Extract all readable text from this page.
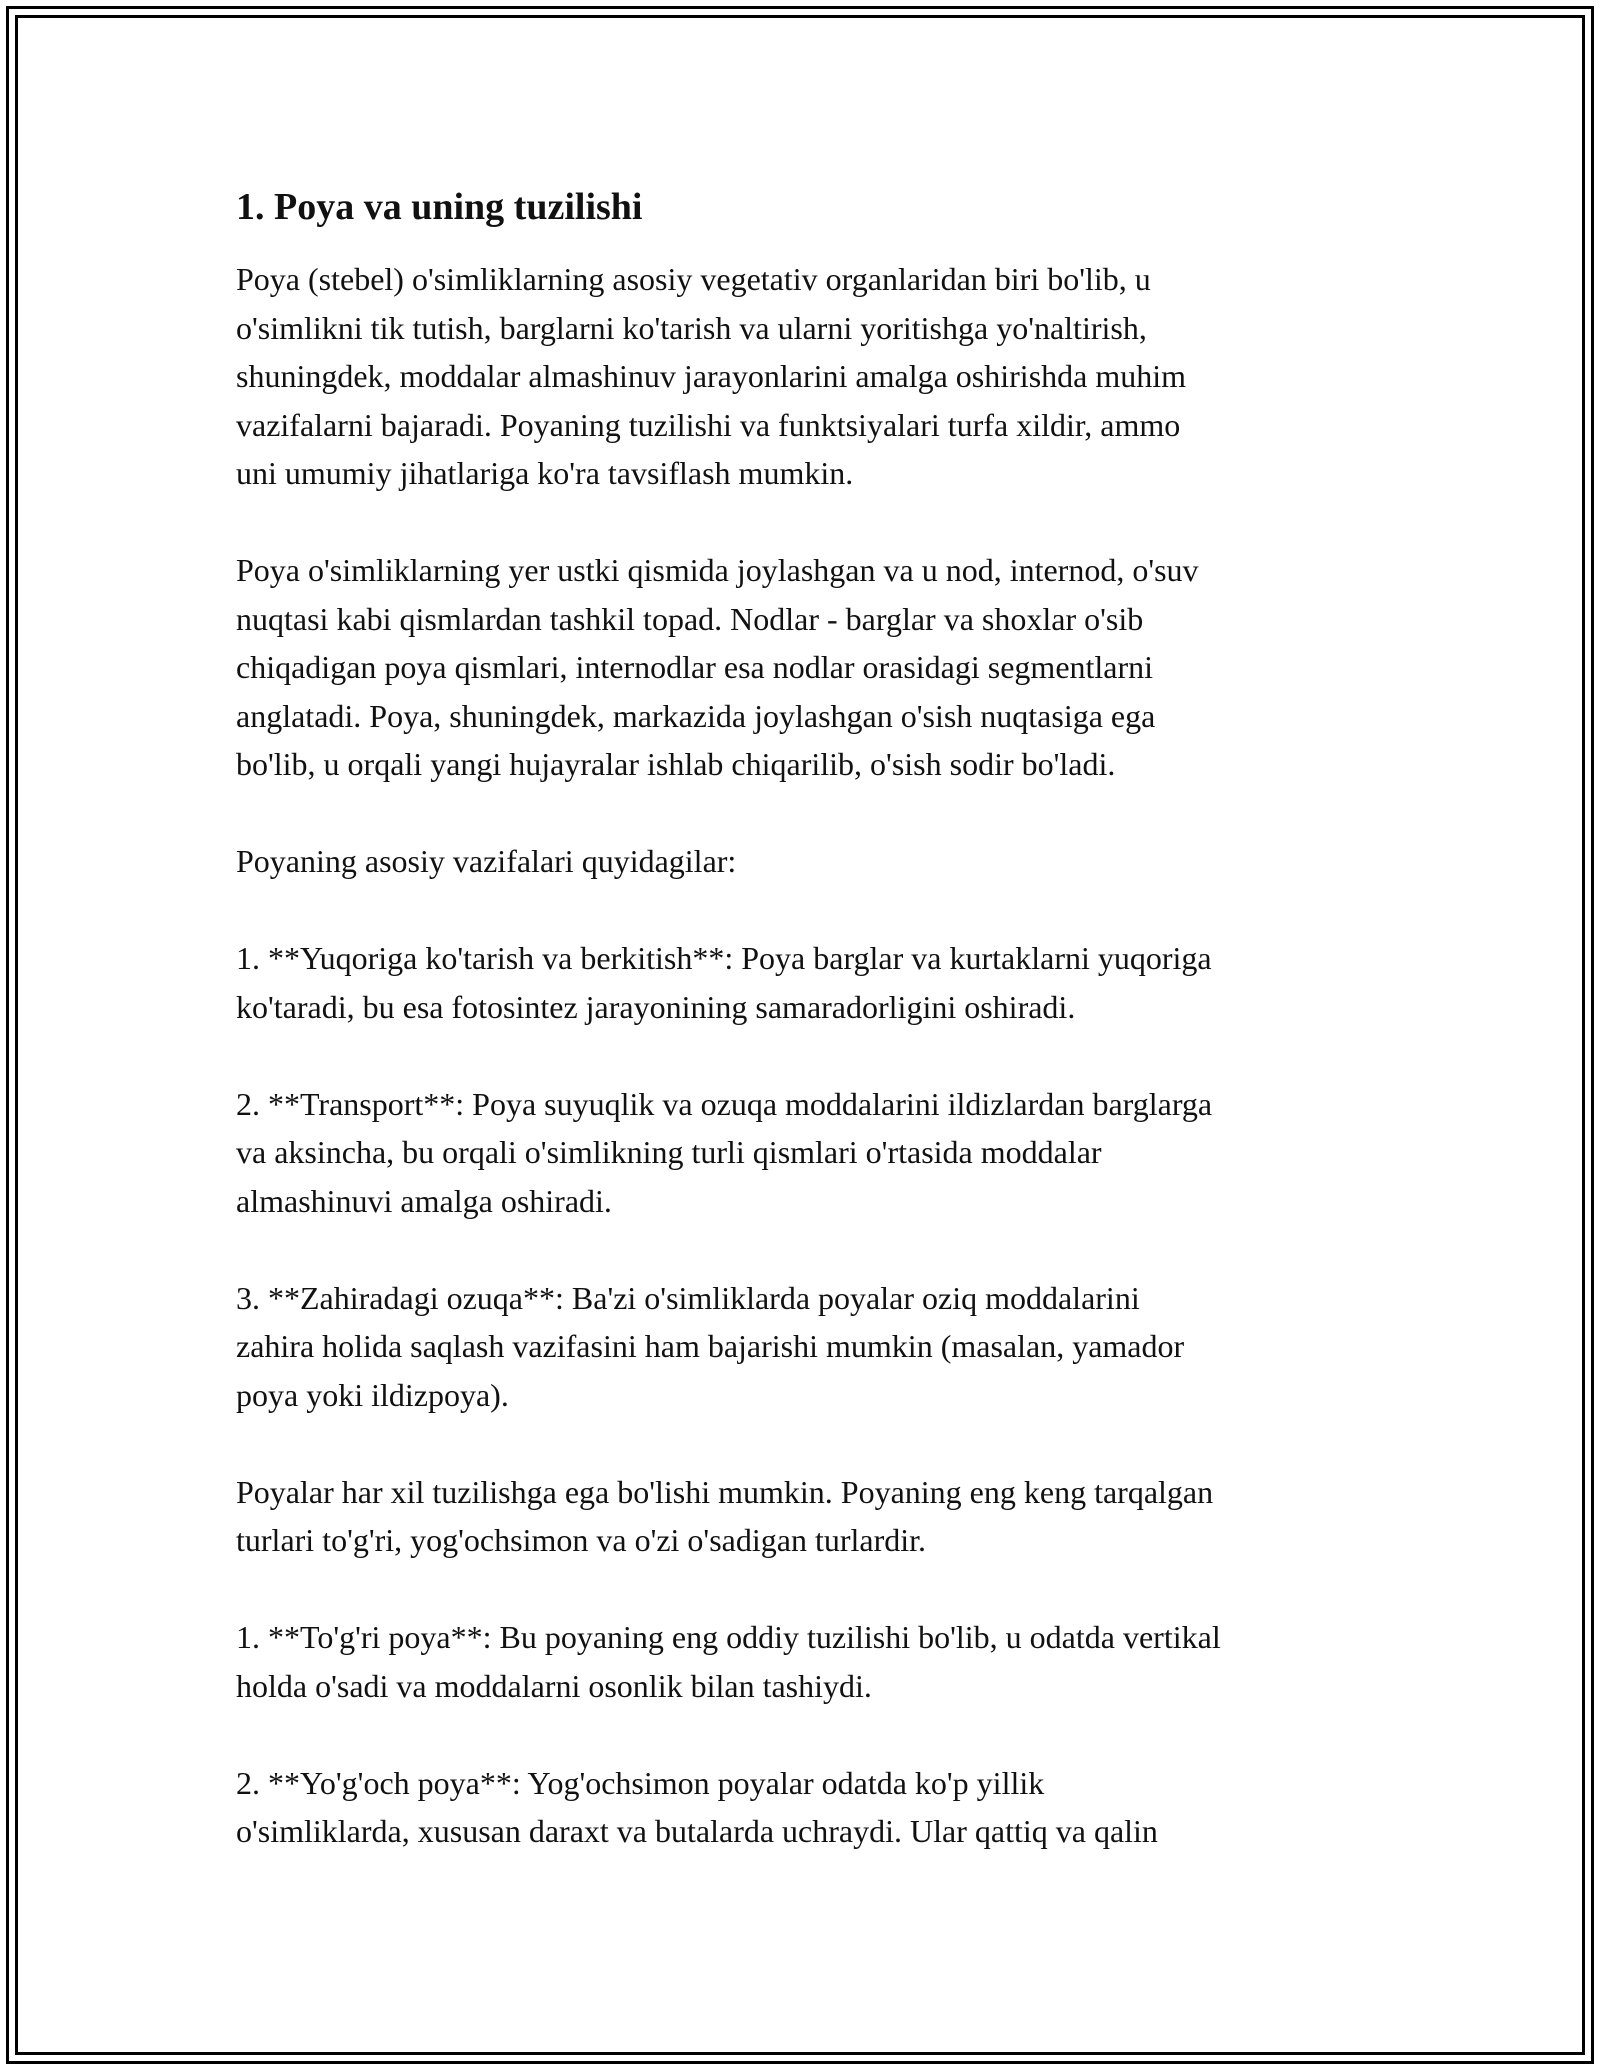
1. Poya va uning tuzilishi

Poya (stebel) o'simliklarning asosiy vegetativ organlaridan biri bo'lib, u
o'simlikni tik tutish, barglarni ko'tarish va ularni yoritishga yo'naltirish,
shuningdek, moddalar almashinuv jarayonlarini amalga oshirishda muhim
vazifalarni bajaradi. Poyaning tuzilishi va funktsiyalari turfa xildir, ammo
uni umumiy jihatlariga ko'ra tavsiflash mumkin.

Poya o'simliklarning yer ustki qismida joylashgan va u nod, internod, o'suv
nuqtasi kabi qismlardan tashkil topad. Nodlar - barglar va shoxlar o'sib
chiqadigan poya qismlari, internodlar esa nodlar orasidagi segmentlarni
anglatadi. Poya, shuningdek, markazida joylashgan o'sish nuqtasiga ega
bo'lib, u orqali yangi hujayralar ishlab chiqarilib, o'sish sodir bo'ladi.

Poyaning asosiy vazifalari quyidagilar:

1. **Yuqoriga ko'tarish va berkitish**: Poya barglar va kurtaklarni yuqoriga
ko'taradi, bu esa fotosintez jarayonining samaradorligini oshiradi.

2. **Transport**: Poya suyuqlik va ozuqa moddalarini ildizlardan barglarga
va aksincha, bu orqali o'simlikning turli qismlari o'rtasida moddalar
almashinuvi amalga oshiradi.

3. **Zahiradagi ozuqa**: Ba'zi o'simliklarda poyalar oziq moddalarini
zahira holida saqlash vazifasini ham bajarishi mumkin (masalan, yamador
poya yoki ildizpoya).

Poyalar har xil tuzilishga ega bo'lishi mumkin. Poyaning eng keng tarqalgan
turlari to'g'ri, yog'ochsimon va o'zi o'sadigan turlardir.

1. **To'g'ri poya**: Bu poyaning eng oddiy tuzilishi bo'lib, u odatda vertikal
holda o'sadi va moddalarni osonlik bilan tashiydi.

2. **Yo'g'och poya**: Yog'ochsimon poyalar odatda ko'p yillik
o'simliklarda, xususan daraxt va butalarda uchraydi. Ular qattiq va qalin
